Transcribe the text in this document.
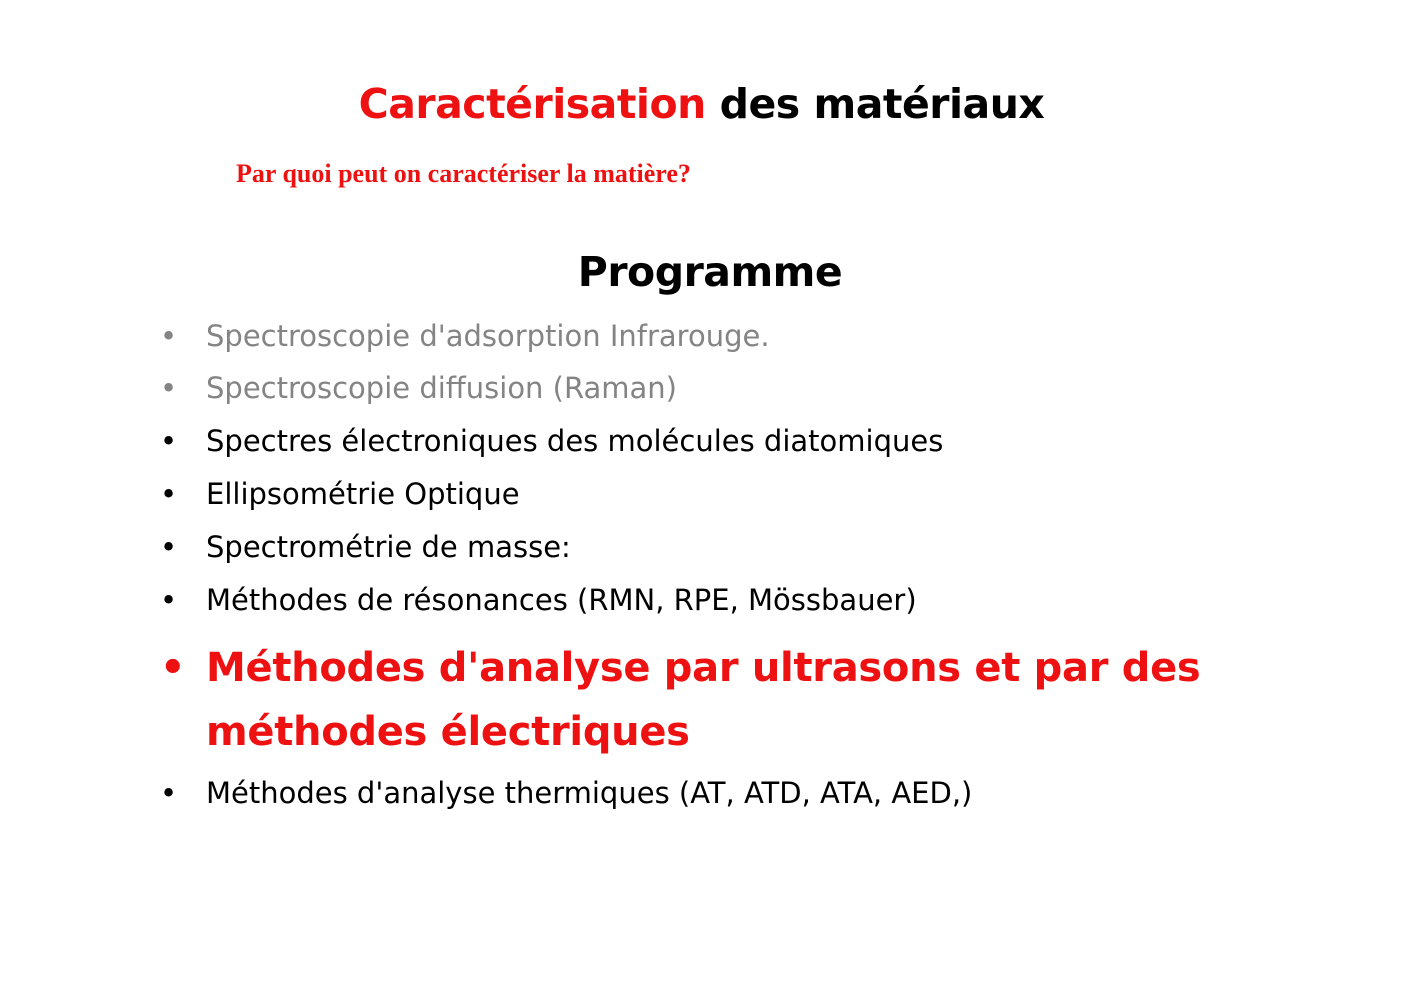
Caractérisation des matériaux
Par quoi peut on caractériser la matière?
Programme
• Spectroscopie d'adsorption Infrarouge.
• Spectroscopie diffusion (Raman)
• Spectres électroniques des molécules diatomiques
• Ellipsométrie Optique
• Spectrométrie de masse:
• Méthodes de résonances (RMN, RPE, Mössbauer)
• Méthodes d'analyse par ultrasons et par des
méthodes électriques
• Méthodes d'analyse thermiques (AT, ATD, ATA, AED,)
